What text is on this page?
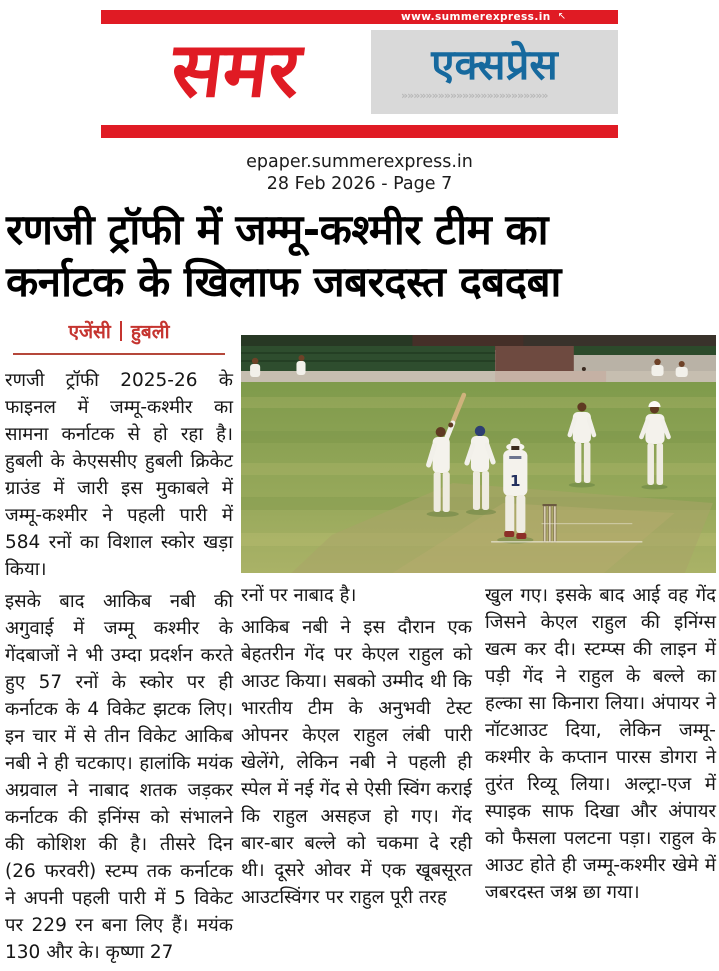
www.summerexpress.in ↖
समर	एक्सप्रेस
»»»»»»»»»»»»»»»»»»»»»»»»
epaper.summerexpress.in
28 Feb 2026 - Page 7
रणजी ट्रॉफी में जम्मू-कश्मीर टीम का
कर्नाटक के खिलाफ जबरदस्त दबदबा
एजेंसी हुबली

रणजी ट्रॉफी 2025-26 के फाइनल में जम्मू-कश्मीर का सामना कर्नाटक से हो रहा है। हुबली के केएससीए हुबली क्रिकेट ग्राउंड में जारी इस मुकाबले में जम्मू-कश्मीर ने पहली पारी में 584 रनों का विशाल स्कोर खड़ा किया।

इसके बाद आकिब नबी की अगुवाई में जम्मू कश्मीर के गेंदबाजों ने भी उम्दा प्रदर्शन करते हुए 57 रनों के स्कोर पर ही कर्नाटक के 4 विकेट झटक लिए। इन चार में से तीन विकेट आकिब नबी ने ही चटकाए। हालांकि मयंक अग्रवाल ने नाबाद शतक जड़कर कर्नाटक की इनिंग्स को संभालने की कोशिश की है। तीसरे दिन (26 फरवरी) स्टम्प तक कर्नाटक ने अपनी पहली पारी में 5 विकेट पर 229 रन बना लिए हैं। मयंक 130 और के। कृष्णा 27

1

रनों पर नाबाद है।

आकिब नबी ने इस दौरान एक बेहतरीन गेंद पर केएल राहुल को आउट किया। सबको उम्मीद थी कि भारतीय टीम के अनुभवी टेस्ट ओपनर केएल राहुल लंबी पारी खेलेंगे, लेकिन नबी ने पहली ही स्पेल में नई गेंद से ऐसी स्विंग कराई कि राहुल असहज हो गए। गेंद बार-बार बल्ले को चकमा दे रही थी। दूसरे ओवर में एक खूबसूरत आउटस्विंगर पर राहुल पूरी तरह

खुल गए। इसके बाद आई वह गेंद जिसने केएल राहुल की इनिंग्स खत्म कर दी। स्टम्प्स की लाइन में पड़ी गेंद ने राहुल के बल्ले का हल्का सा किनारा लिया। अंपायर ने नॉटआउट दिया, लेकिन जम्मू-कश्मीर के कप्तान पारस डोगरा ने तुरंत रिव्यू लिया। अल्ट्रा-एज में स्पाइक साफ दिखा और अंपायर को फैसला पलटना पड़ा। राहुल के आउट होते ही जम्मू-कश्मीर खेमे में जबरदस्त जश्न छा गया।
